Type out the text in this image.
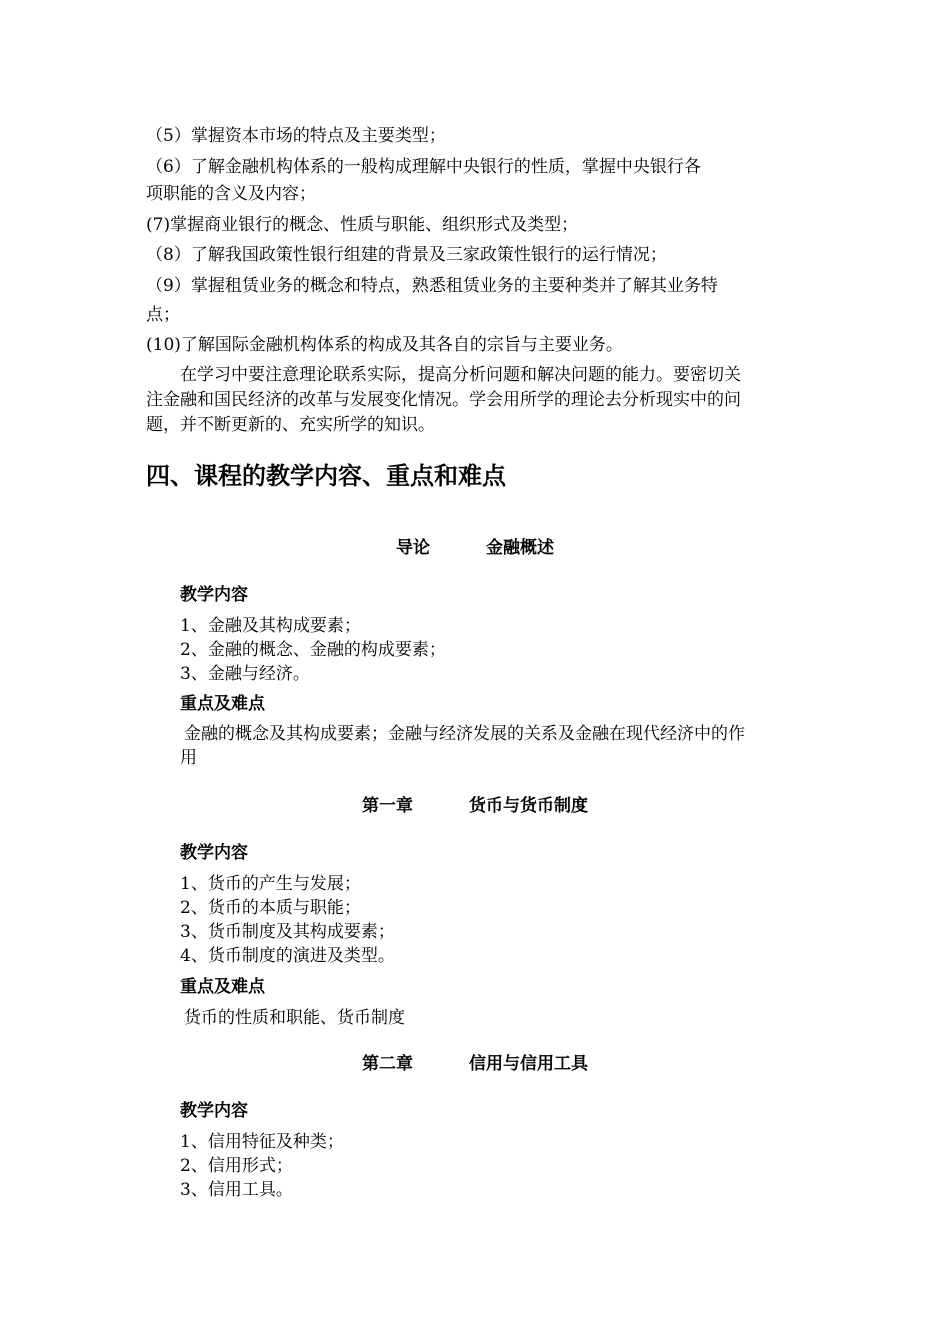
（5）掌握资本市场的特点及主要类型；
（6）了解金融机构体系的一般构成理解中央银行的性质，掌握中央银行各
项职能的含义及内容；
(7)掌握商业银行的概念、性质与职能、组织形式及类型；
（8）了解我国政策性银行组建的背景及三家政策性银行的运行情况；
（9）掌握租赁业务的概念和特点，熟悉租赁业务的主要种类并了解其业务特
点；
(10)了解国际金融机构体系的构成及其各自的宗旨与主要业务。
在学习中要注意理论联系实际，提高分析问题和解决问题的能力。要密切关
注金融和国民经济的改革与发展变化情况。学会用所学的理论去分析现实中的问
题，并不断更新的、充实所学的知识。
四、课程的教学内容、重点和难点
导论	金融概述
教学内容
1、金融及其构成要素；
2、金融的概念、金融的构成要素；
3、金融与经济。
重点及难点
金融的概念及其构成要素；金融与经济发展的关系及金融在现代经济中的作
用
第一章	货币与货币制度
教学内容
1、货币的产生与发展；
2、货币的本质与职能；
3、货币制度及其构成要素；
4、货币制度的演进及类型。
重点及难点
货币的性质和职能、货币制度
第二章	信用与信用工具
教学内容
1、信用特征及种类；
2、信用形式；
3、信用工具。
